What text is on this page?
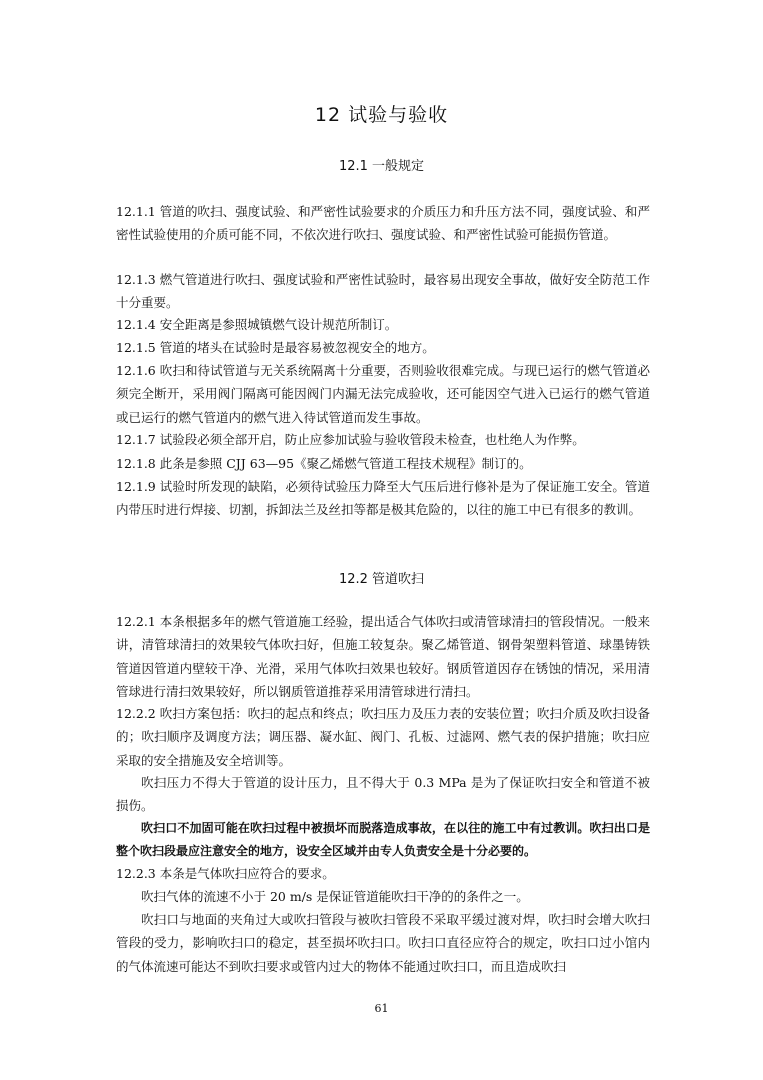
12 试验与验收
12.1 一般规定

12.1.1 管道的吹扫、强度试验、和严密性试验要求的介质压力和升压方法不同，强度试验、和严密性试验使用的介质可能不同，不依次进行吹扫、强度试验、和严密性试验可能损伤管道。

12.1.3 燃气管道进行吹扫、强度试验和严密性试验时，最容易出现安全事故，做好安全防范工作十分重要。

12.1.4 安全距离是参照城镇燃气设计规范所制订。

12.1.5 管道的堵头在试验时是最容易被忽视安全的地方。

12.1.6 吹扫和待试管道与无关系统隔离十分重要，否则验收很难完成。与现已运行的燃气管道必须完全断开，采用阀门隔离可能因阀门内漏无法完成验收，还可能因空气进入已运行的燃气管道或已运行的燃气管道内的燃气进入待试管道而发生事故。

12.1.7 试验段必须全部开启，防止应参加试验与验收管段未检查，也杜绝人为作弊。

12.1.8 此条是参照 CJJ 63—95《聚乙烯燃气管道工程技术规程》制订的。

12.1.9 试验时所发现的缺陷，必须待试验压力降至大气压后进行修补是为了保证施工安全。管道内带压时进行焊接、切割，拆卸法兰及丝扣等都是极其危险的，以往的施工中已有很多的教训。

12.2 管道吹扫

12.2.1 本条根据多年的燃气管道施工经验，提出适合气体吹扫或清管球清扫的管段情况。一般来讲，清管球清扫的效果较气体吹扫好，但施工较复杂。聚乙烯管道、钢骨架塑料管道、球墨铸铁管道因管道内壁较干净、光滑，采用气体吹扫效果也较好。钢质管道因存在锈蚀的情况，采用清管球进行清扫效果较好，所以钢质管道推荐采用清管球进行清扫。

12.2.2 吹扫方案包括：吹扫的起点和终点；吹扫压力及压力表的安装位置；吹扫介质及吹扫设备的；吹扫顺序及调度方法；调压器、凝水缸、阀门、孔板、过滤网、燃气表的保护措施；吹扫应采取的安全措施及安全培训等。

吹扫压力不得大于管道的设计压力，且不得大于 0.3 MPa 是为了保证吹扫安全和管道不被损伤。

吹扫口不加固可能在吹扫过程中被损坏而脱落造成事故，在以往的施工中有过教训。吹扫出口是整个吹扫段最应注意安全的地方，设安全区域并由专人负责安全是十分必要的。

12.2.3 本条是气体吹扫应符合的要求。

吹扫气体的流速不小于 20 m/s 是保证管道能吹扫干净的的条件之一。

吹扫口与地面的夹角过大或吹扫管段与被吹扫管段不采取平缓过渡对焊，吹扫时会增大吹扫管段的受力，影响吹扫口的稳定，甚至损坏吹扫口。吹扫口直径应符合的规定，吹扫口过小馆内的气体流速可能达不到吹扫要求或管内过大的物体不能通过吹扫口，而且造成吹扫

61
